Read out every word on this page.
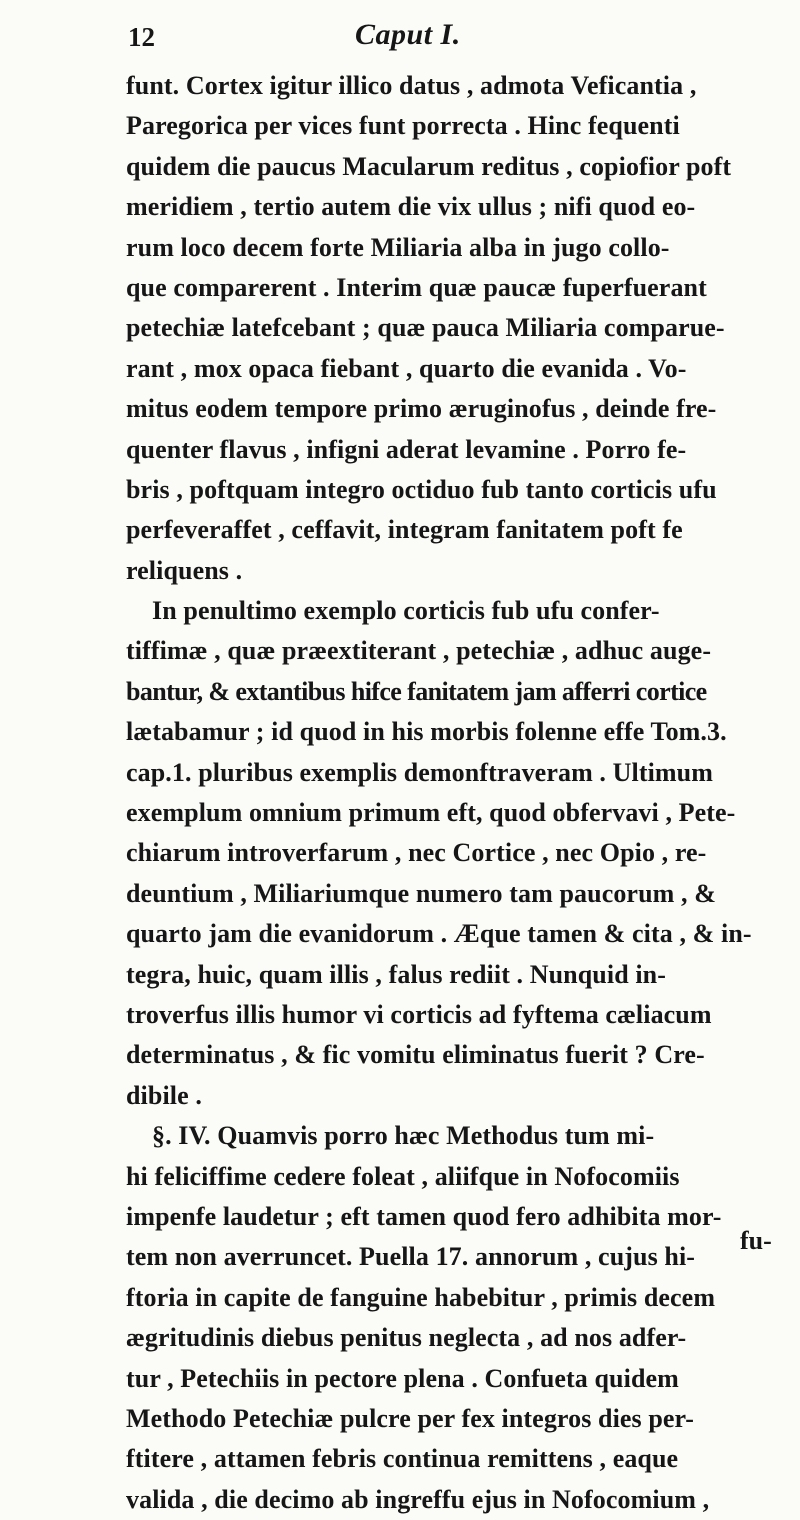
12	Caput I.
funt. Cortex igitur illico datus , admota Veficantia ,
Paregorica per vices funt porrecta . Hinc fequenti
quidem die paucus Macularum reditus , copiofior poft
meridiem , tertio autem die vix ullus ; nifi quod eo-
rum loco decem forte Miliaria alba in jugo collo-
que comparerent . Interim quæ paucæ fuperfuerant
petechiæ latefcebant ; quæ pauca Miliaria comparue-
rant , mox opaca fiebant , quarto die evanida . Vo-
mitus eodem tempore primo æruginofus , deinde fre-
quenter flavus , infigni aderat levamine . Porro fe-
bris , poftquam integro octiduo fub tanto corticis ufu
perfeveraffet , ceffavit, integram fanitatem poft fe
reliquens .
In penultimo exemplo corticis fub ufu confer-
tiffimæ , quæ præextiterant , petechiæ , adhuc auge-
bantur, & extantibus hifce fanitatem jam afferri cortice
lætabamur ; id quod in his morbis folenne effe Tom.3.
cap.1. pluribus exemplis demonftraveram . Ultimum
exemplum omnium primum eft, quod obfervavi , Pete-
chiarum introverfarum , nec Cortice , nec Opio , re-
deuntium , Miliariumque numero tam paucorum , &
quarto jam die evanidorum . Æque tamen & cita , & in-
tegra, huic, quam illis , falus rediit . Nunquid in-
troverfus illis humor vi corticis ad fyftema cæliacum
determinatus , & fic vomitu eliminatus fuerit ? Cre-
dibile .
§. IV. Quamvis porro hæc Methodus tum mi-
hi feliciffime cedere foleat , aliifque in Nofocomiis
impenfe laudetur ; eft tamen quod fero adhibita mor-
tem non averruncet. Puella 17. annorum , cujus hi-
ftoria in capite de fanguine habebitur , primis decem
ægritudinis diebus penitus neglecta , ad nos adfer-
tur , Petechiis in pectore plena . Confueta quidem
Methodo Petechiæ pulcre per fex integros dies per-
ftitere , attamen febris continua remittens , eaque
valida , die decimo ab ingreffu ejus in Nofocomium ,
fu-
